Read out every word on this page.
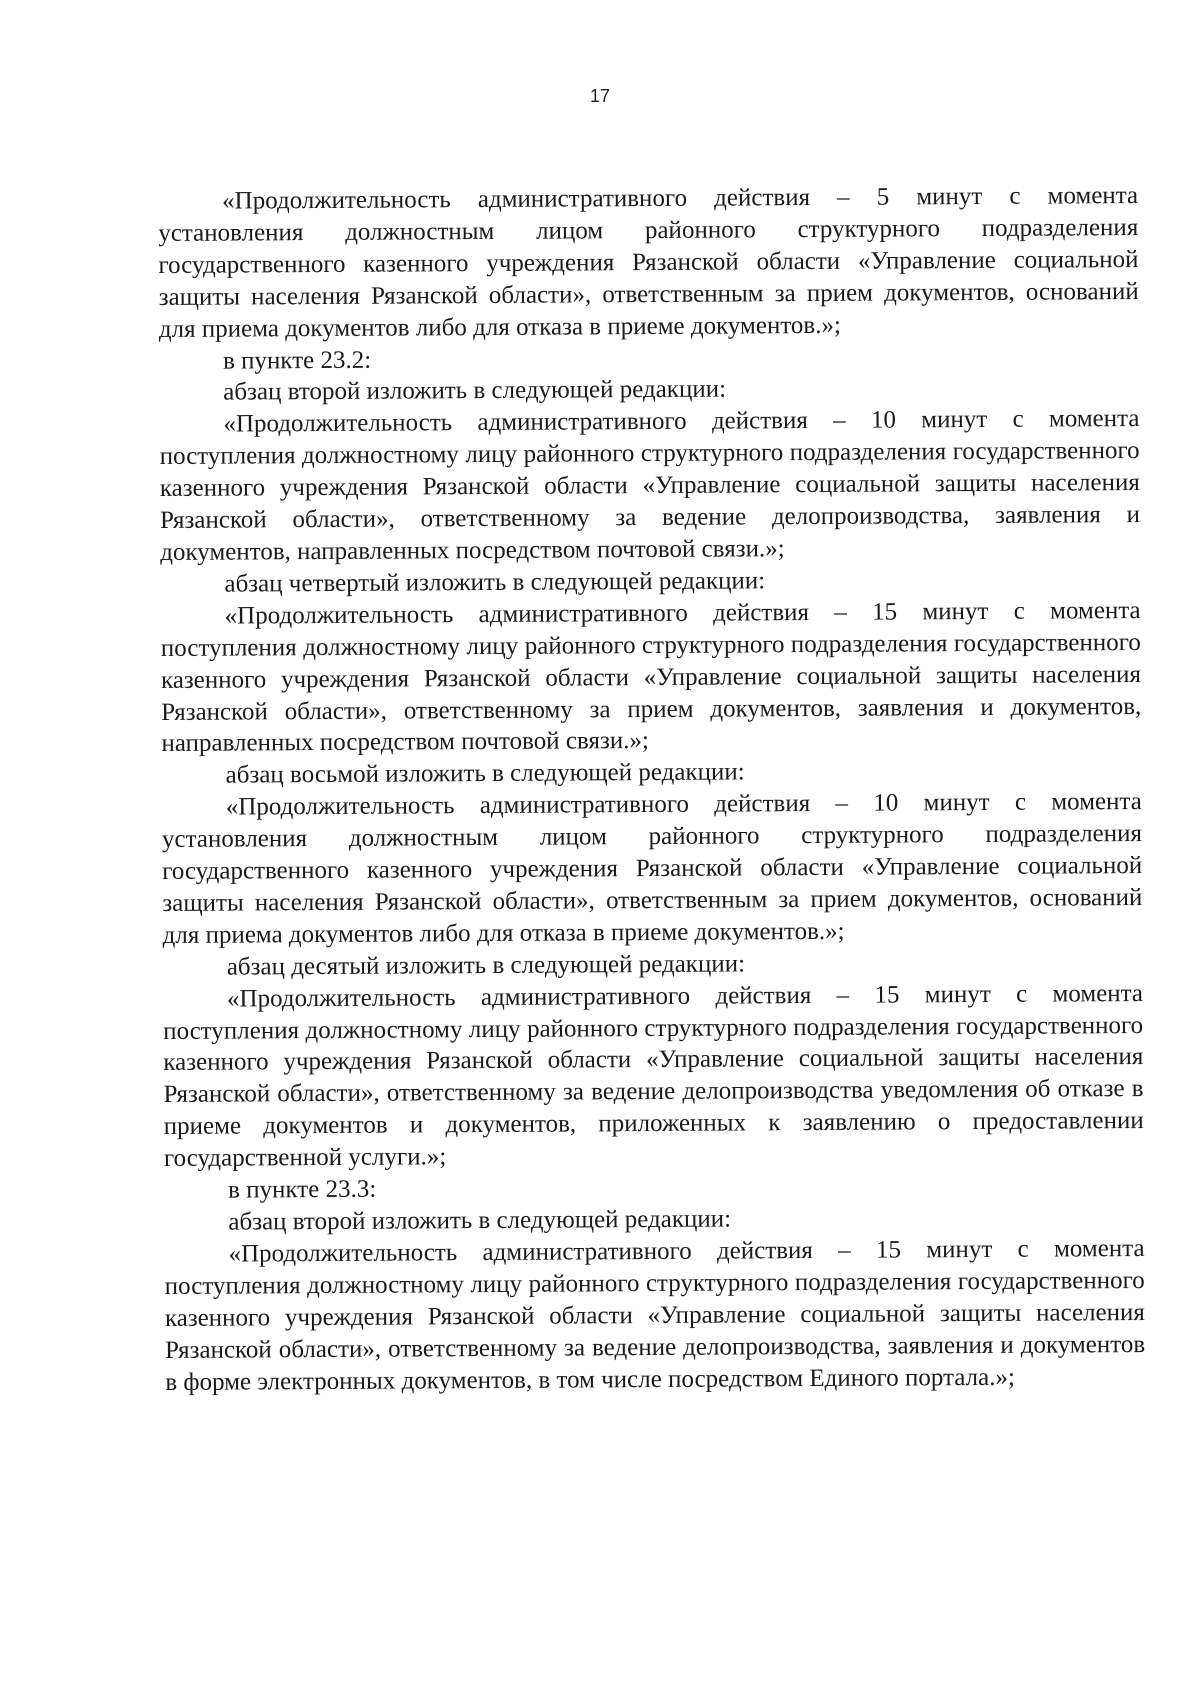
17

«Продолжительность административного действия – 5 минут с момента установления должностным лицом районного структурного подразделения государственного казенного учреждения Рязанской области «Управление социальной защиты населения Рязанской области», ответственным за прием документов, оснований для приема документов либо для отказа в приеме документов.»;

в пункте 23.2:

абзац второй изложить в следующей редакции:

«Продолжительность административного действия – 10 минут с момента поступления должностному лицу районного структурного подразделения государственного казенного учреждения Рязанской области «Управление социальной защиты населения Рязанской области», ответственному за ведение делопроизводства, заявления и документов, направленных посредством почтовой связи.»;

абзац четвертый изложить в следующей редакции:

«Продолжительность административного действия – 15 минут с момента поступления должностному лицу районного структурного подразделения государственного казенного учреждения Рязанской области «Управление социальной защиты населения Рязанской области», ответственному за прием документов, заявления и документов, направленных посредством почтовой связи.»;

абзац восьмой изложить в следующей редакции:

«Продолжительность административного действия – 10 минут с момента установления должностным лицом районного структурного подразделения государственного казенного учреждения Рязанской области «Управление социальной защиты населения Рязанской области», ответственным за прием документов, оснований для приема документов либо для отказа в приеме документов.»;

абзац десятый изложить в следующей редакции:

«Продолжительность административного действия – 15 минут с момента поступления должностному лицу районного структурного подразделения государственного казенного учреждения Рязанской области «Управление социальной защиты населения Рязанской области», ответственному за ведение делопроизводства уведомления об отказе в приеме документов и документов, приложенных к заявлению о предоставлении государственной услуги.»;

в пункте 23.3:

абзац второй изложить в следующей редакции:

«Продолжительность административного действия – 15 минут с момента поступления должностному лицу районного структурного подразделения государственного казенного учреждения Рязанской области «Управление социальной защиты населения Рязанской области», ответственному за ведение делопроизводства, заявления и документов в форме электронных документов, в том числе посредством Единого портала.»;
